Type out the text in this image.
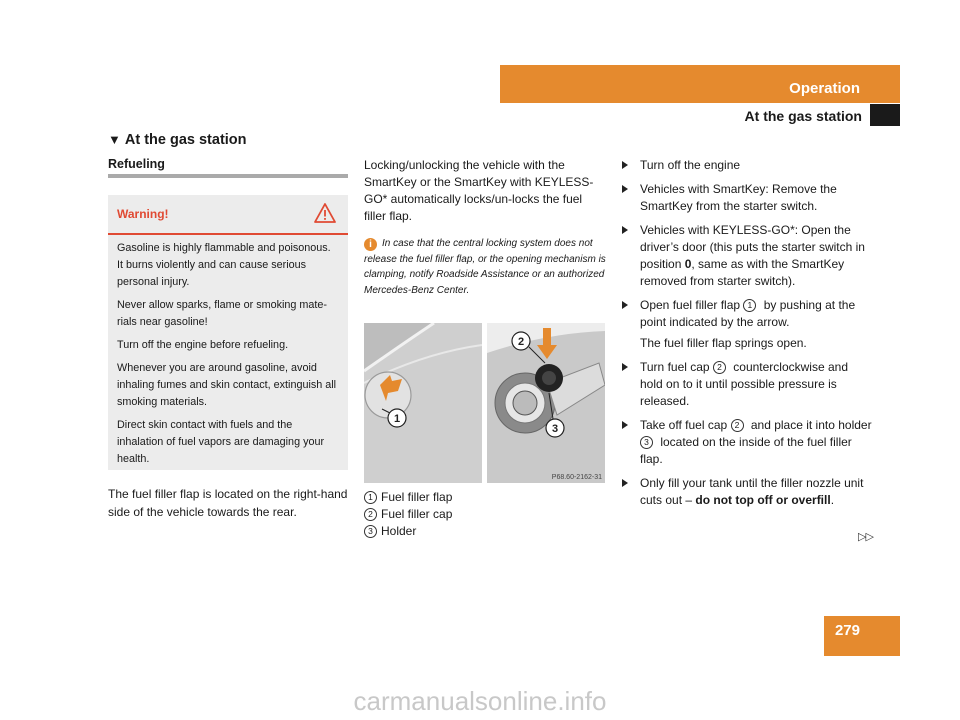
Operation
At the gas station
▼ At the gas station
Refueling
Warning!

Gasoline is highly flammable and poisonous. It burns violently and can cause serious personal injury.

Never allow sparks, flame or smoking mate-rials near gasoline!

Turn off the engine before refueling.

Whenever you are around gasoline, avoid inhaling fumes and skin contact, extinguish all smoking materials.

Direct skin contact with fuels and the inhalation of fuel vapors are damaging your health.

The fuel filler flap is located on the right-hand side of the vehicle towards the rear.
Locking/unlocking the vehicle with the SmartKey or the SmartKey with KEYLESS-GO* automatically locks/un-locks the fuel filler flap.
i In case that the central locking system does not release the fuel filler flap, or the opening mechanism is clamping, notify Roadside Assistance or an authorized Mercedes-Benz Center.
1
2
3
P68.60-2162-31
1 Fuel filler flap
2 Fuel filler cap
3 Holder
Turn off the engine
Vehicles with SmartKey: Remove the SmartKey from the starter switch.
Vehicles with KEYLESS-GO*: Open the driver’s door (this puts the starter switch in position 0, same as with the SmartKey removed from starter switch).
Open fuel filler flap 1 by pushing at the point indicated by the arrow.
The fuel filler flap springs open.
Turn fuel cap 2 counterclockwise and hold on to it until possible pressure is released.
Take off fuel cap 2 and place it into holder 3 located on the inside of the fuel filler flap.
Only fill your tank until the filler nozzle unit cuts out – do not top off or overfill.
▷▷
279
carmanualsonline.info
